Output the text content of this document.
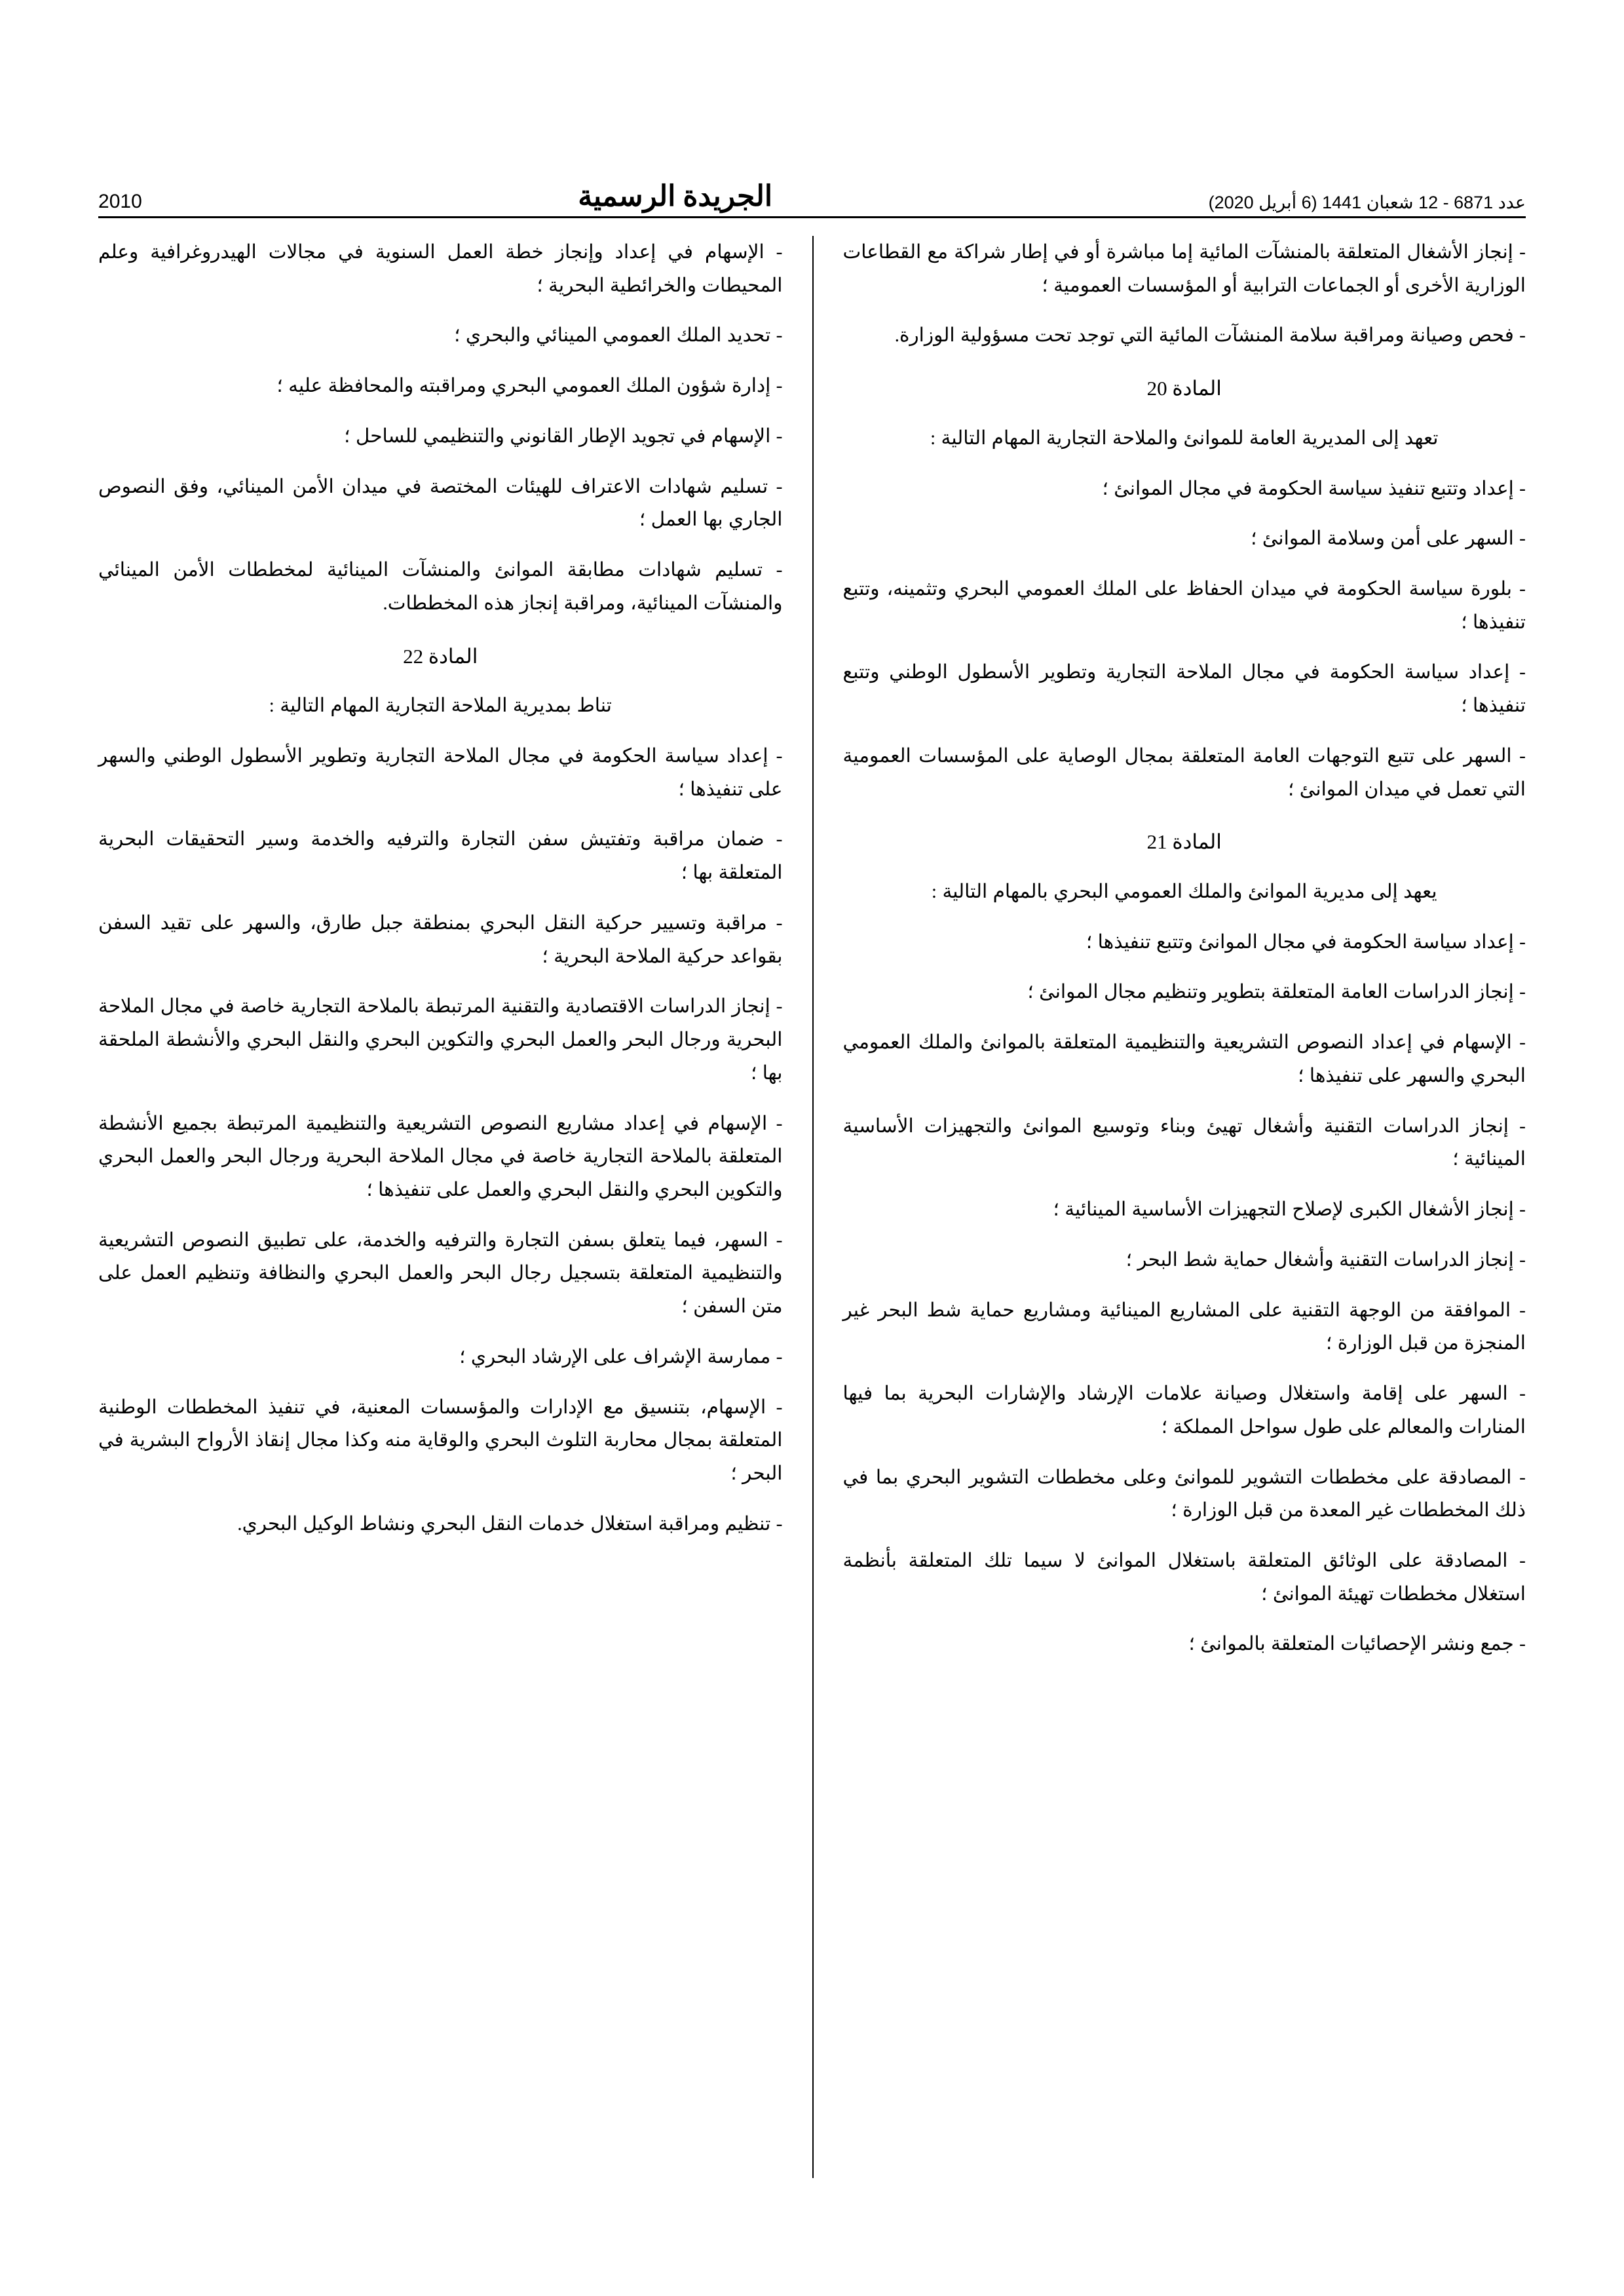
عدد 6871 - 12 شعبان 1441 (6 أبريل 2020)
الجريدة الرسمية
2010

- إنجاز الأشغال المتعلقة بالمنشآت المائية إما مباشرة أو في إطار شراكة مع القطاعات الوزارية الأخرى أو الجماعات الترابية أو المؤسسات العمومية ؛

- فحص وصيانة ومراقبة سلامة المنشآت المائية التي توجد تحت مسؤولية الوزارة.

المادة 20

تعهد إلى المديرية العامة للموانئ والملاحة التجارية المهام التالية :

- إعداد وتتبع تنفيذ سياسة الحكومة في مجال الموانئ ؛

- السهر على أمن وسلامة الموانئ ؛

- بلورة سياسة الحكومة في ميدان الحفاظ على الملك العمومي البحري وتثمينه، وتتبع تنفيذها ؛

- إعداد سياسة الحكومة في مجال الملاحة التجارية وتطوير الأسطول الوطني وتتبع تنفيذها ؛

- السهر على تتبع التوجهات العامة المتعلقة بمجال الوصاية على المؤسسات العمومية التي تعمل في ميدان الموانئ ؛

المادة 21

يعهد إلى مديرية الموانئ والملك العمومي البحري بالمهام التالية :

- إعداد سياسة الحكومة في مجال الموانئ وتتبع تنفيذها ؛

- إنجاز الدراسات العامة المتعلقة بتطوير وتنظيم مجال الموانئ ؛

- الإسهام في إعداد النصوص التشريعية والتنظيمية المتعلقة بالموانئ والملك العمومي البحري والسهر على تنفيذها ؛

- إنجاز الدراسات التقنية وأشغال تهيئ وبناء وتوسيع الموانئ والتجهيزات الأساسية المينائية ؛

- إنجاز الأشغال الكبرى لإصلاح التجهيزات الأساسية المينائية ؛

- إنجاز الدراسات التقنية وأشغال حماية شط البحر ؛

- الموافقة من الوجهة التقنية على المشاريع المينائية ومشاريع حماية شط البحر غير المنجزة من قبل الوزارة ؛

- السهر على إقامة واستغلال وصيانة علامات الإرشاد والإشارات البحرية بما فيها المنارات والمعالم على طول سواحل المملكة ؛

- المصادقة على مخططات التشوير للموانئ وعلى مخططات التشوير البحري بما في ذلك المخططات غير المعدة من قبل الوزارة ؛

- المصادقة على الوثائق المتعلقة باستغلال الموانئ لا سيما تلك المتعلقة بأنظمة استغلال مخططات تهيئة الموانئ ؛

- جمع ونشر الإحصائيات المتعلقة بالموانئ ؛

- الإسهام في إعداد وإنجاز خطة العمل السنوية في مجالات الهيدروغرافية وعلم المحيطات والخرائطية البحرية ؛

- تحديد الملك العمومي المينائي والبحري ؛

- إدارة شؤون الملك العمومي البحري ومراقبته والمحافظة عليه ؛

- الإسهام في تجويد الإطار القانوني والتنظيمي للساحل ؛

- تسليم شهادات الاعتراف للهيئات المختصة في ميدان الأمن المينائي، وفق النصوص الجاري بها العمل ؛

- تسليم شهادات مطابقة الموانئ والمنشآت المينائية لمخططات الأمن المينائي والمنشآت المينائية، ومراقبة إنجاز هذه المخططات.

المادة 22

تناط بمديرية الملاحة التجارية المهام التالية :

- إعداد سياسة الحكومة في مجال الملاحة التجارية وتطوير الأسطول الوطني والسهر على تنفيذها ؛

- ضمان مراقبة وتفتيش سفن التجارة والترفيه والخدمة وسير التحقيقات البحرية المتعلقة بها ؛

- مراقبة وتسيير حركية النقل البحري بمنطقة جبل طارق، والسهر على تقيد السفن بقواعد حركية الملاحة البحرية ؛

- إنجاز الدراسات الاقتصادية والتقنية المرتبطة بالملاحة التجارية خاصة في مجال الملاحة البحرية ورجال البحر والعمل البحري والتكوين البحري والنقل البحري والأنشطة الملحقة بها ؛

- الإسهام في إعداد مشاريع النصوص التشريعية والتنظيمية المرتبطة بجميع الأنشطة المتعلقة بالملاحة التجارية خاصة في مجال الملاحة البحرية ورجال البحر والعمل البحري والتكوين البحري والنقل البحري والعمل على تنفيذها ؛

- السهر، فيما يتعلق بسفن التجارة والترفيه والخدمة، على تطبيق النصوص التشريعية والتنظيمية المتعلقة بتسجيل رجال البحر والعمل البحري والنظافة وتنظيم العمل على متن السفن ؛

- ممارسة الإشراف على الإرشاد البحري ؛

- الإسهام، بتنسيق مع الإدارات والمؤسسات المعنية، في تنفيذ المخططات الوطنية المتعلقة بمجال محاربة التلوث البحري والوقاية منه وكذا مجال إنقاذ الأرواح البشرية في البحر ؛

- تنظيم ومراقبة استغلال خدمات النقل البحري ونشاط الوكيل البحري.
